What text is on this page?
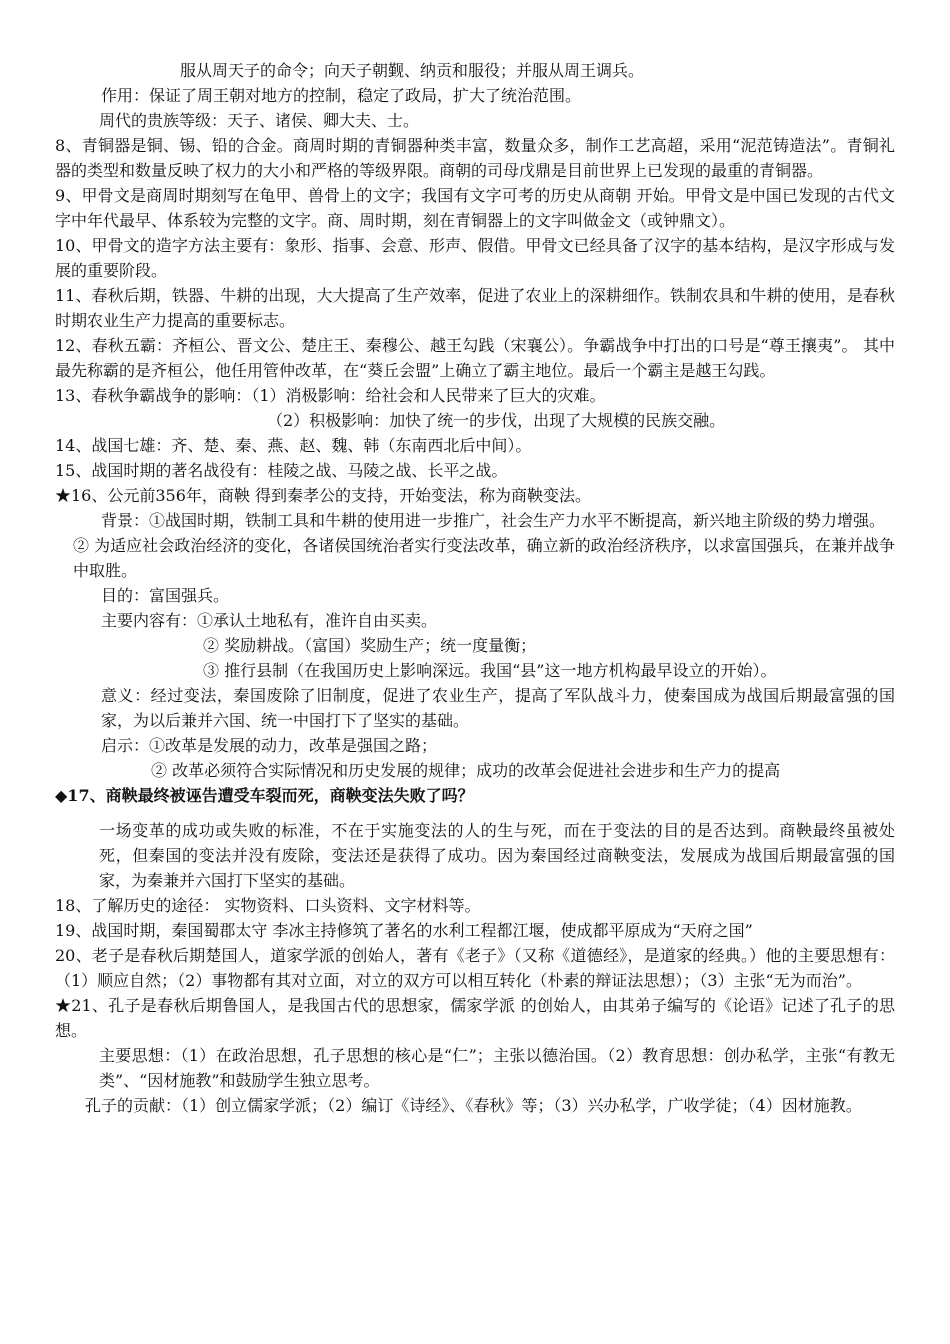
服从周天子的命令；向天子朝觐、纳贡和服役；并服从周王调兵。

作用：保证了周王朝对地方的控制，稳定了政局，扩大了统治范围。

周代的贵族等级：天子、诸侯、卿大夫、士。

8、青铜器是铜、锡、铅的合金。商周时期的青铜器种类丰富，数量众多，制作工艺高超，采用“泥范铸造法”。青铜礼器的类型和数量反映了权力的大小和严格的等级界限。商朝的司母戊鼎是目前世界上已发现的最重的青铜器。

9、甲骨文是商周时期刻写在龟甲、兽骨上的文字；我国有文字可考的历史从商朝 开始。甲骨文是中国已发现的古代文字中年代最早、体系较为完整的文字。商、周时期，刻在青铜器上的文字叫做金文（或钟鼎文）。

10、甲骨文的造字方法主要有：象形、指事、会意、形声、假借。甲骨文已经具备了汉字的基本结构，是汉字形成与发展的重要阶段。

11、春秋后期，铁器、牛耕的出现，大大提高了生产效率，促进了农业上的深耕细作。铁制农具和牛耕的使用，是春秋时期农业生产力提高的重要标志。

12、春秋五霸：齐桓公、晋文公、楚庄王、秦穆公、越王勾践（宋襄公）。争霸战争中打出的口号是“尊王攘夷”。 其中最先称霸的是齐桓公，他任用管仲改革，在“葵丘会盟”上确立了霸主地位。最后一个霸主是越王勾践。

13、春秋争霸战争的影响：（1）消极影响：给社会和人民带来了巨大的灾难。

（2）积极影响：加快了统一的步伐，出现了大规模的民族交融。

14、战国七雄：齐、楚、秦、燕、赵、魏、韩（东南西北后中间）。

15、战国时期的著名战役有：桂陵之战、马陵之战、长平之战。

★16、公元前356年，商鞅 得到秦孝公的支持，开始变法，称为商鞅变法。

背景：①战国时期，铁制工具和牛耕的使用进一步推广，社会生产力水平不断提高，新兴地主阶级的势力增强。

② 为适应社会政治经济的变化，各诸侯国统治者实行变法改革，确立新的政治经济秩序，以求富国强兵，在兼并战争中取胜。

目的：富国强兵。

主要内容有：①承认土地私有，准许自由买卖。

② 奖励耕战。（富国）奖励生产；统一度量衡；

③ 推行县制（在我国历史上影响深远。我国“县”这一地方机构最早设立的开始）。

意义：经过变法，秦国废除了旧制度，促进了农业生产，提高了军队战斗力，使秦国成为战国后期最富强的国家，为以后兼并六国、统一中国打下了坚实的基础。

启示：①改革是发展的动力，改革是强国之路；

② 改革必须符合实际情况和历史发展的规律；成功的改革会促进社会进步和生产力的提高

◆17、商鞅最终被诬告遭受车裂而死，商鞅变法失败了吗？

一场变革的成功或失败的标准，不在于实施变法的人的生与死，而在于变法的目的是否达到。商鞅最终虽被处死，但秦国的变法并没有废除，变法还是获得了成功。因为秦国经过商鞅变法，发展成为战国后期最富强的国家，为秦兼并六国打下坚实的基础。

18、了解历史的途径： 实物资料、口头资料、文字材料等。

19、战国时期，秦国蜀郡太守 李冰主持修筑了著名的水利工程都江堰，使成都平原成为“天府之国”

20、老子是春秋后期楚国人，道家学派的创始人，著有《老子》（又称《道德经》，是道家的经典。）他的主要思想有：（1）顺应自然；（2）事物都有其对立面，对立的双方可以相互转化（朴素的辩证法思想）；（3）主张“无为而治”。

★21、孔子是春秋后期鲁国人，是我国古代的思想家，儒家学派 的创始人，由其弟子编写的《论语》记述了孔子的思想。

主要思想：（1）在政治思想，孔子思想的核心是“仁”；主张以德治国。（2）教育思想：创办私学，主张“有教无类”、“因材施教”和鼓励学生独立思考。

孔子的贡献：（1）创立儒家学派；（2）编订《诗经》、《春秋》等；（3）兴办私学，广收学徒；（4）因材施教。
